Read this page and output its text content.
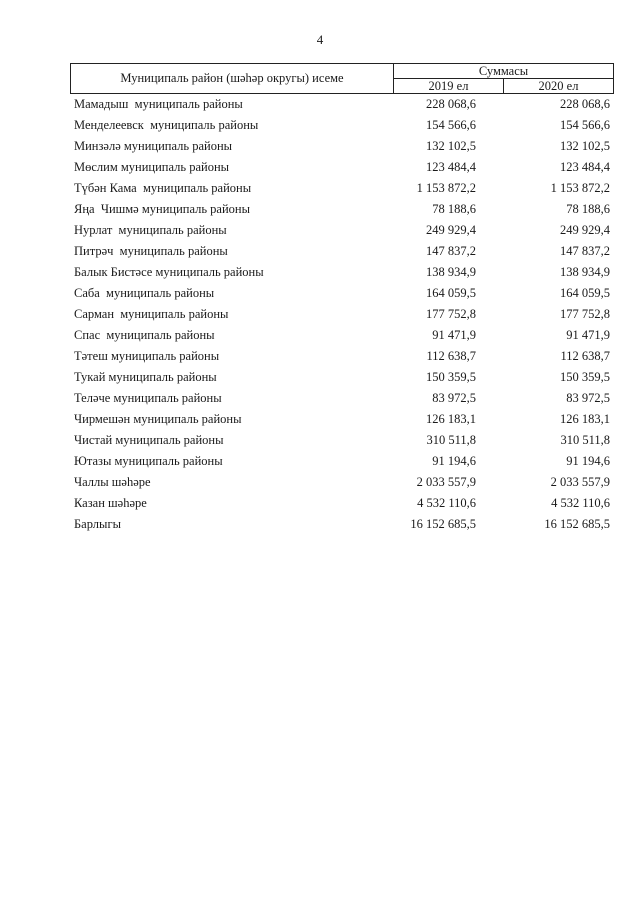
4
Муниципаль район (шәһәр округы) исеме	Суммасы
2019 ел	2020 ел
Мамадыш  муниципаль районы	228 068,6	228 068,6
Менделеевск  муниципаль районы	154 566,6	154 566,6
Минзәлә муниципаль районы	132 102,5	132 102,5
Мөслим муниципаль районы	123 484,4	123 484,4
Түбән Кама  муниципаль районы	1 153 872,2	1 153 872,2
Яңа  Чишмә муниципаль районы	78 188,6	78 188,6
Нурлат  муниципаль районы	249 929,4	249 929,4
Питрәч  муниципаль районы	147 837,2	147 837,2
Балык Бистәсе муниципаль районы	138 934,9	138 934,9
Саба  муниципаль районы	164 059,5	164 059,5
Сарман  муниципаль районы	177 752,8	177 752,8
Спас  муниципаль районы	91 471,9	91 471,9
Тәтеш муниципаль районы	112 638,7	112 638,7
Тукай муниципаль районы	150 359,5	150 359,5
Теләче муниципаль районы	83 972,5	83 972,5
Чирмешән муниципаль районы	126 183,1	126 183,1
Чистай муниципаль районы	310 511,8	310 511,8
Ютазы муниципаль районы	91 194,6	91 194,6
Чаллы шәһәре	2 033 557,9	2 033 557,9
Казан шәһәре	4 532 110,6	4 532 110,6
Барлыгы	16 152 685,5	16 152 685,5
